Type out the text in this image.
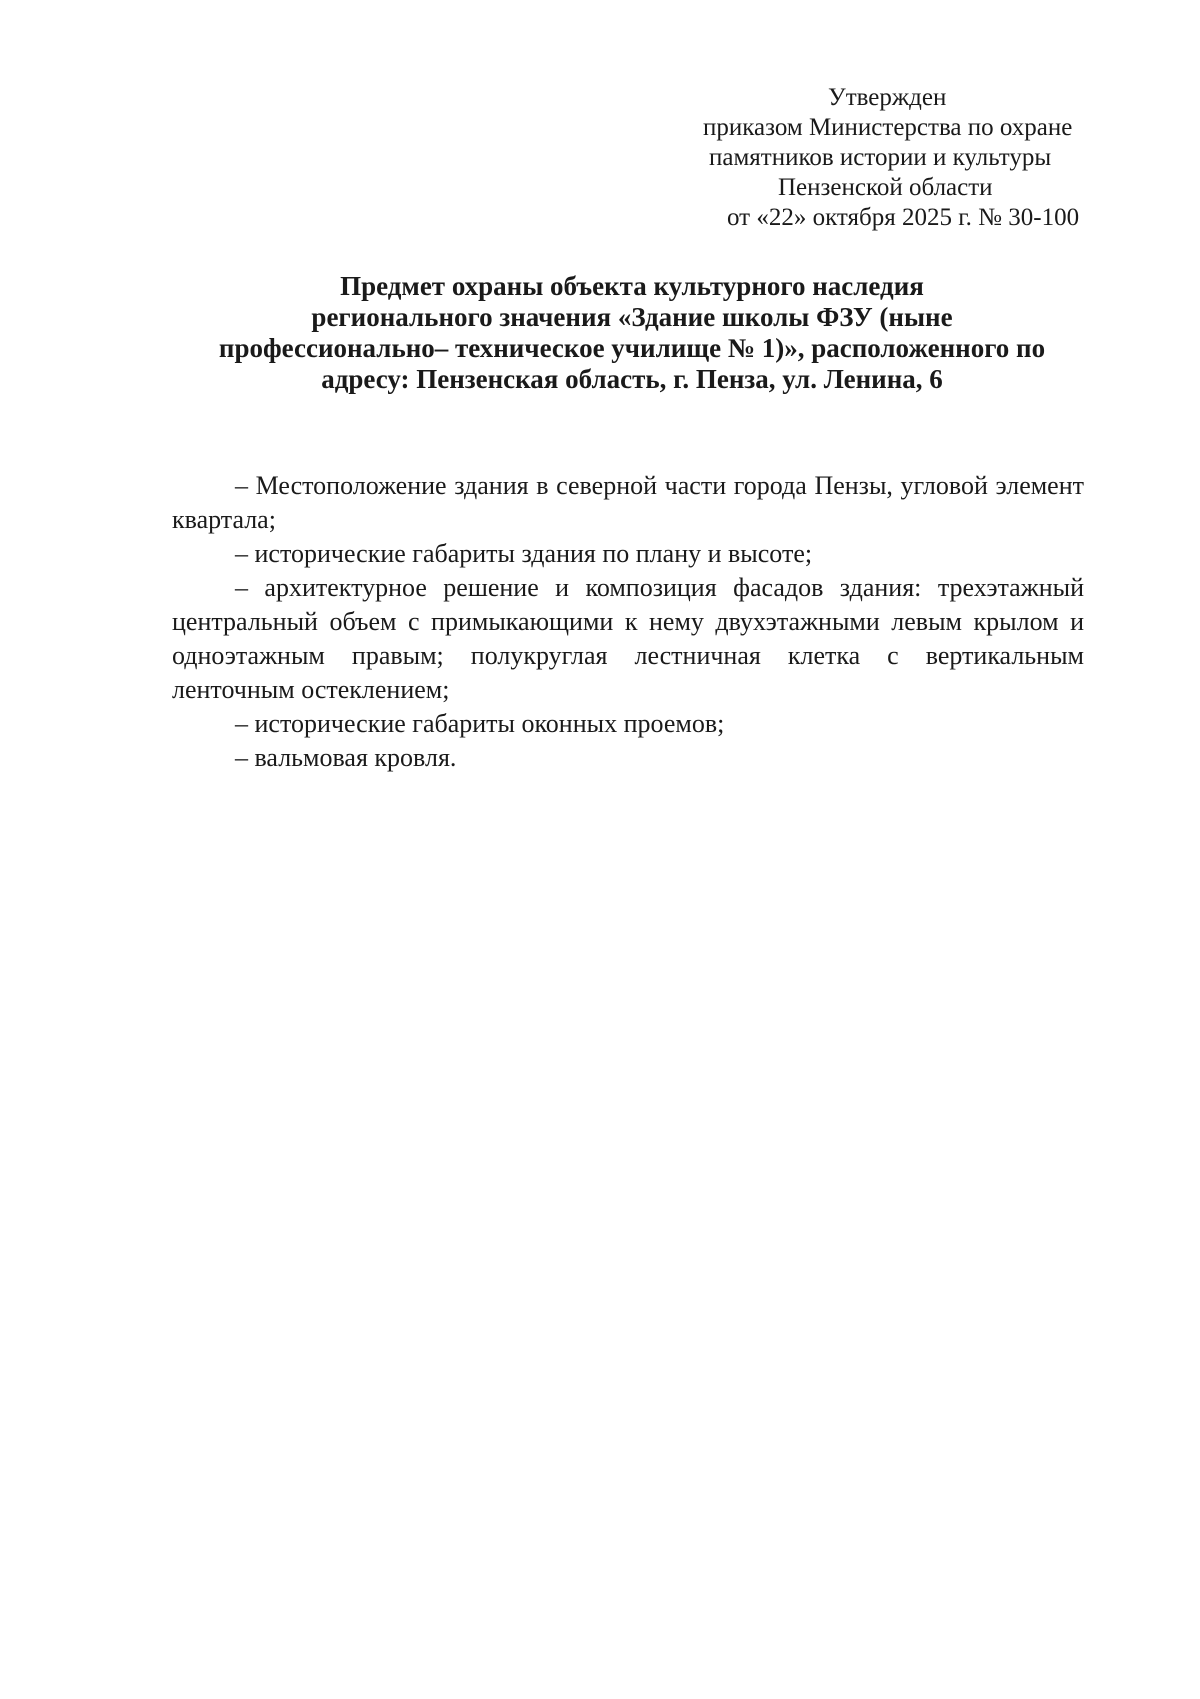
Утвержден
приказом Министерства по охране
памятников истории и культуры
Пензенской области
от «22» октября 2025 г. № 30-100
Предмет охраны объекта культурного наследия
регионального значения «Здание школы ФЗУ (ныне
профессионально– техническое училище № 1)», расположенного по
адресу: Пензенская область, г. Пенза, ул. Ленина, 6

– Местоположение здания в северной части города Пензы, угловой элемент квартала;

– исторические габариты здания по плану и высоте;

– архитектурное решение и композиция фасадов здания: трехэтажный центральный объем с примыкающими к нему двухэтажными левым крылом и одноэтажным правым; полукруглая лестничная клетка с вертикальным ленточным остеклением;

– исторические габариты оконных проемов;

– вальмовая кровля.
